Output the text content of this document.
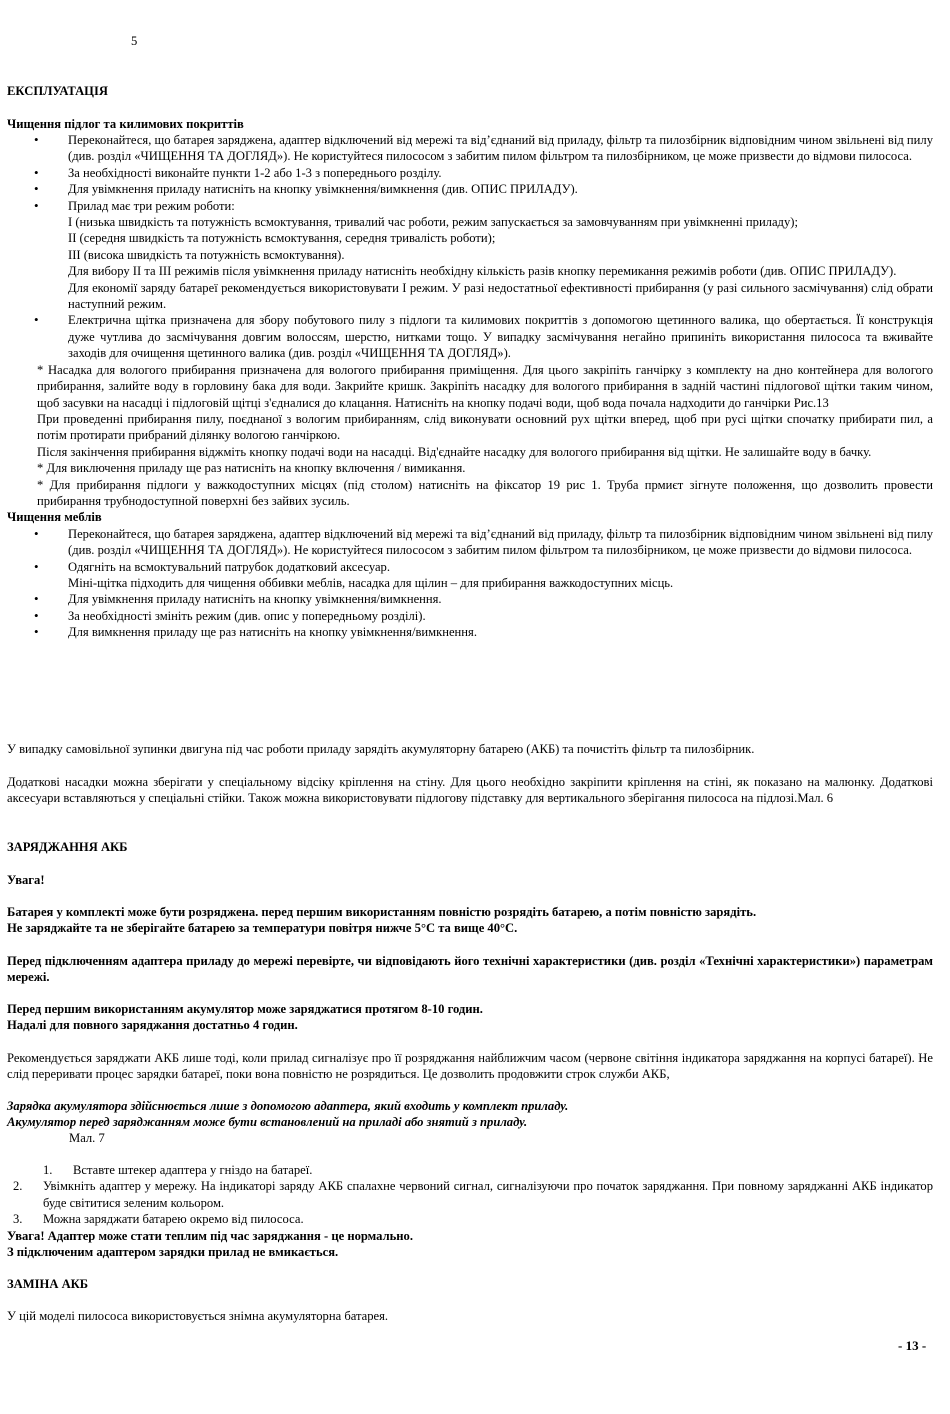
5
ЕКСПЛУАТАЦІЯ
Чищення підлог та килимових покриттів
• Переконайтеся, що батарея заряджена, адаптер відключений від мережі та від’єднаний від приладу, фільтр та пилозбірник відповідним чином звільнені від пилу (див. розділ «ЧИЩЕННЯ ТА ДОГЛЯД»). Не користуйтеся пилососом з забитим пилом фільтром та пилозбірником, це може призвести до відмови пилососа.
• За необхідності виконайте пункти 1-2 або 1-3 з попереднього розділу.
• Для увімкнення приладу натисніть на кнопку увімкнення/вимкнення (див. ОПИС ПРИЛАДУ).
• Прилад має три режим роботи:
І (низька швидкість та потужність всмоктування, тривалий час роботи, режим запускається за замовчуванням при увімкненні приладу);
ІІ (середня швидкість та потужність всмоктування, середня тривалість роботи);
ІІІ (висока швидкість та потужність всмоктування).
Для вибору ІІ та ІІІ режимів після увімкнення приладу натисніть необхідну кількість разів кнопку перемикання режимів роботи (див. ОПИС ПРИЛАДУ).
Для економії заряду батареї рекомендується використовувати І режим. У разі недостатньої ефективності прибирання (у разі сильного засмічування) слід обрати наступний режим.
• Електрична щітка призначена для збору побутового пилу з підлоги та килимових покриттів з допомогою щетинного валика, що обертається. Її конструкція дуже чутлива до засмічування довгим волоссям, шерстю, нитками тощо. У випадку засмічування негайно припиніть використання пилососа та вживайте заходів для очищення щетинного валика (див. розділ «ЧИЩЕННЯ ТА ДОГЛЯД»).
* Насадка для вологого прибирання призначена для вологого прибирання приміщення. Для цього закріпіть ганчірку з комплекту на дно контейнера для вологого прибирання, залийте воду в горловину бака для води. Закрийте кришк. Закріпіть насадку для вологого прибирання в задній частині підлогової щітки таким чином, щоб засувки на насадці і підлоговій щітці з'єдналися до клацання. Натисніть на кнопку подачі води, щоб вода почала надходити до ганчірки Рис.13
При проведенні прибирання пилу, поєднаної з вологим прибиранням, слід виконувати основний рух щітки вперед, щоб при русі щітки спочатку прибирати пил, а потім протирати прибраний ділянку вологою ганчіркою.
Після закінчення прибирання віджміть кнопку подачі води на насадці. Від'єднайте насадку для вологого прибирання від щітки. Не залишайте воду в бачку.
* Для виключення приладу ще раз натисніть на кнопку включення / вимикання.
* Для прибирання підлоги у важкодоступних місцях (під столом) натисніть на фіксатор 19 рис 1. Труба прмиєт зігнуте положення, що дозволить провести прибирання трубнодоступной поверхні без зайвих зусиль.
Чищення меблів
• Переконайтеся, що батарея заряджена, адаптер відключений від мережі та від’єднаний від приладу, фільтр та пилозбірник відповідним чином звільнені від пилу (див. розділ «ЧИЩЕННЯ ТА ДОГЛЯД»). Не користуйтеся пилососом з забитим пилом фільтром та пилозбірником, це може призвести до відмови пилососа.
• Одягніть на всмоктувальний патрубок додатковий аксесуар.
Міні-щітка підходить для чищення оббивки меблів, насадка для щілин – для прибирання важкодоступних місць.
• Для увімкнення приладу натисніть на кнопку увімкнення/вимкнення.
• За необхідності змініть режим (див. опис у попередньому розділі).
• Для вимкнення приладу ще раз натисніть на кнопку увімкнення/вимкнення.
У випадку самовільної зупинки двигуна під час роботи приладу зарядіть акумуляторну батарею (АКБ) та почистіть фільтр та пилозбірник.
Додаткові насадки можна зберігати у спеціальному відсіку кріплення на стіну. Для цього необхідно закріпити кріплення на стіні, як показано на малюнку. Додаткові аксесуари вставляються у спеціальні стійки. Також можна використовувати підлогову підставку для вертикального зберігання пилососа на підлозі.Мал. 6
ЗАРЯДЖАННЯ АКБ
Увага!
Батарея у комплекті може бути розряджена. перед першим використанням повністю розрядіть батарею, а потім повністю зарядіть.
Не заряджайте та не зберігайте батарею за температури повітря нижче 5°С та вище 40°С.
Перед підключенням адаптера приладу до мережі перевірте, чи відповідають його технічні характеристики (див. розділ «Технічні характеристики») параметрам мережі.
Перед першим використанням акумулятор може заряджатися протягом 8-10 годин.
Надалі для повного заряджання достатньо 4 годин.
Рекомендується заряджати АКБ лише тоді, коли прилад сигналізує про її розряджання найближчим часом (червоне світіння індикатора заряджання на корпусі батареї). Не слід переривати процес зарядки батареї, поки вона повністю не розрядиться. Це дозволить продовжити строк служби АКБ,
Зарядка акумулятора здійснюється лише з допомогою адаптера, який входить у комплект приладу.
Акумулятор перед заряджанням може бути встановлений на приладі або знятий з приладу.
Мал. 7
1. Вставте штекер адаптера у гніздо на батареї.
2. Увімкніть адаптер у мережу. На індикаторі заряду АКБ спалахне червоний сигнал, сигналізуючи про початок заряджання. При повному заряджанні АКБ індикатор буде світитися зеленим кольором.
3. Можна заряджати батарею окремо від пилососа.
Увага! Адаптер може стати теплим під час заряджання - це нормально.
З підключеним адаптером зарядки прилад не вмикається.
ЗАМІНА АКБ
У цій моделі пилососа використовується знімна акумуляторна батарея.
- 13 -
